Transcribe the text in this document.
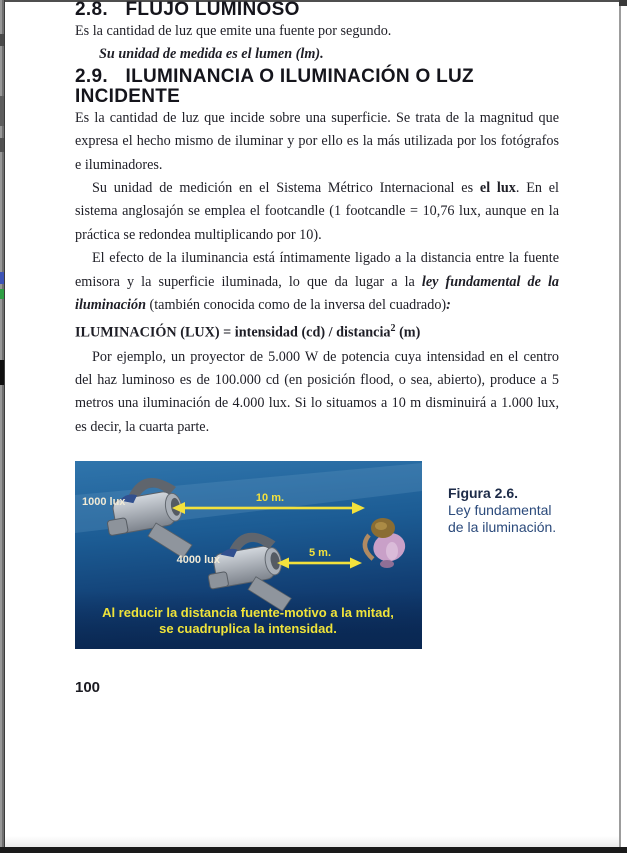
2.8. FLUJO LUMINOSO

Es la cantidad de luz que emite una fuente por segundo.

Su unidad de medida es el lumen (lm).

2.9. ILUMINANCIA O ILUMINACIÓN O LUZ INCIDENTE

Es la cantidad de luz que incide sobre una superficie. Se trata de la magnitud que expresa el hecho mismo de iluminar y por ello es la más utilizada por los fotógrafos e iluminadores.

Su unidad de medición en el Sistema Métrico Internacional es el lux. En el sistema anglosajón se emplea el footcandle (1 footcandle = 10,76 lux, aunque en la práctica se redondea multiplicando por 10).

El efecto de la iluminancia está íntimamente ligado a la distancia entre la fuente emisora y la superficie iluminada, lo que da lugar a la ley fundamental de la iluminación (también conocida como de la inversa del cuadrado):

ILUMINACIÓN (LUX) = intensidad (cd) / distancia$^2$ (m)

Por ejemplo, un proyector de 5.000 W de potencia cuya intensidad en el centro del haz luminoso es de 100.000 cd (en posición flood, o sea, abierto), produce a 5 metros una iluminación de 4.000 lux. Si lo situamos a 10 m disminuirá a 1.000 lux, es decir, la cuarta parte.

1000 lux	10 m.
4000 lux
5 m.
Al reducir la distancia fuente-motivo a la mitad,
se cuadruplica la intensidad.
Figura 2.6.
Ley fundamental
de la iluminación.
100
